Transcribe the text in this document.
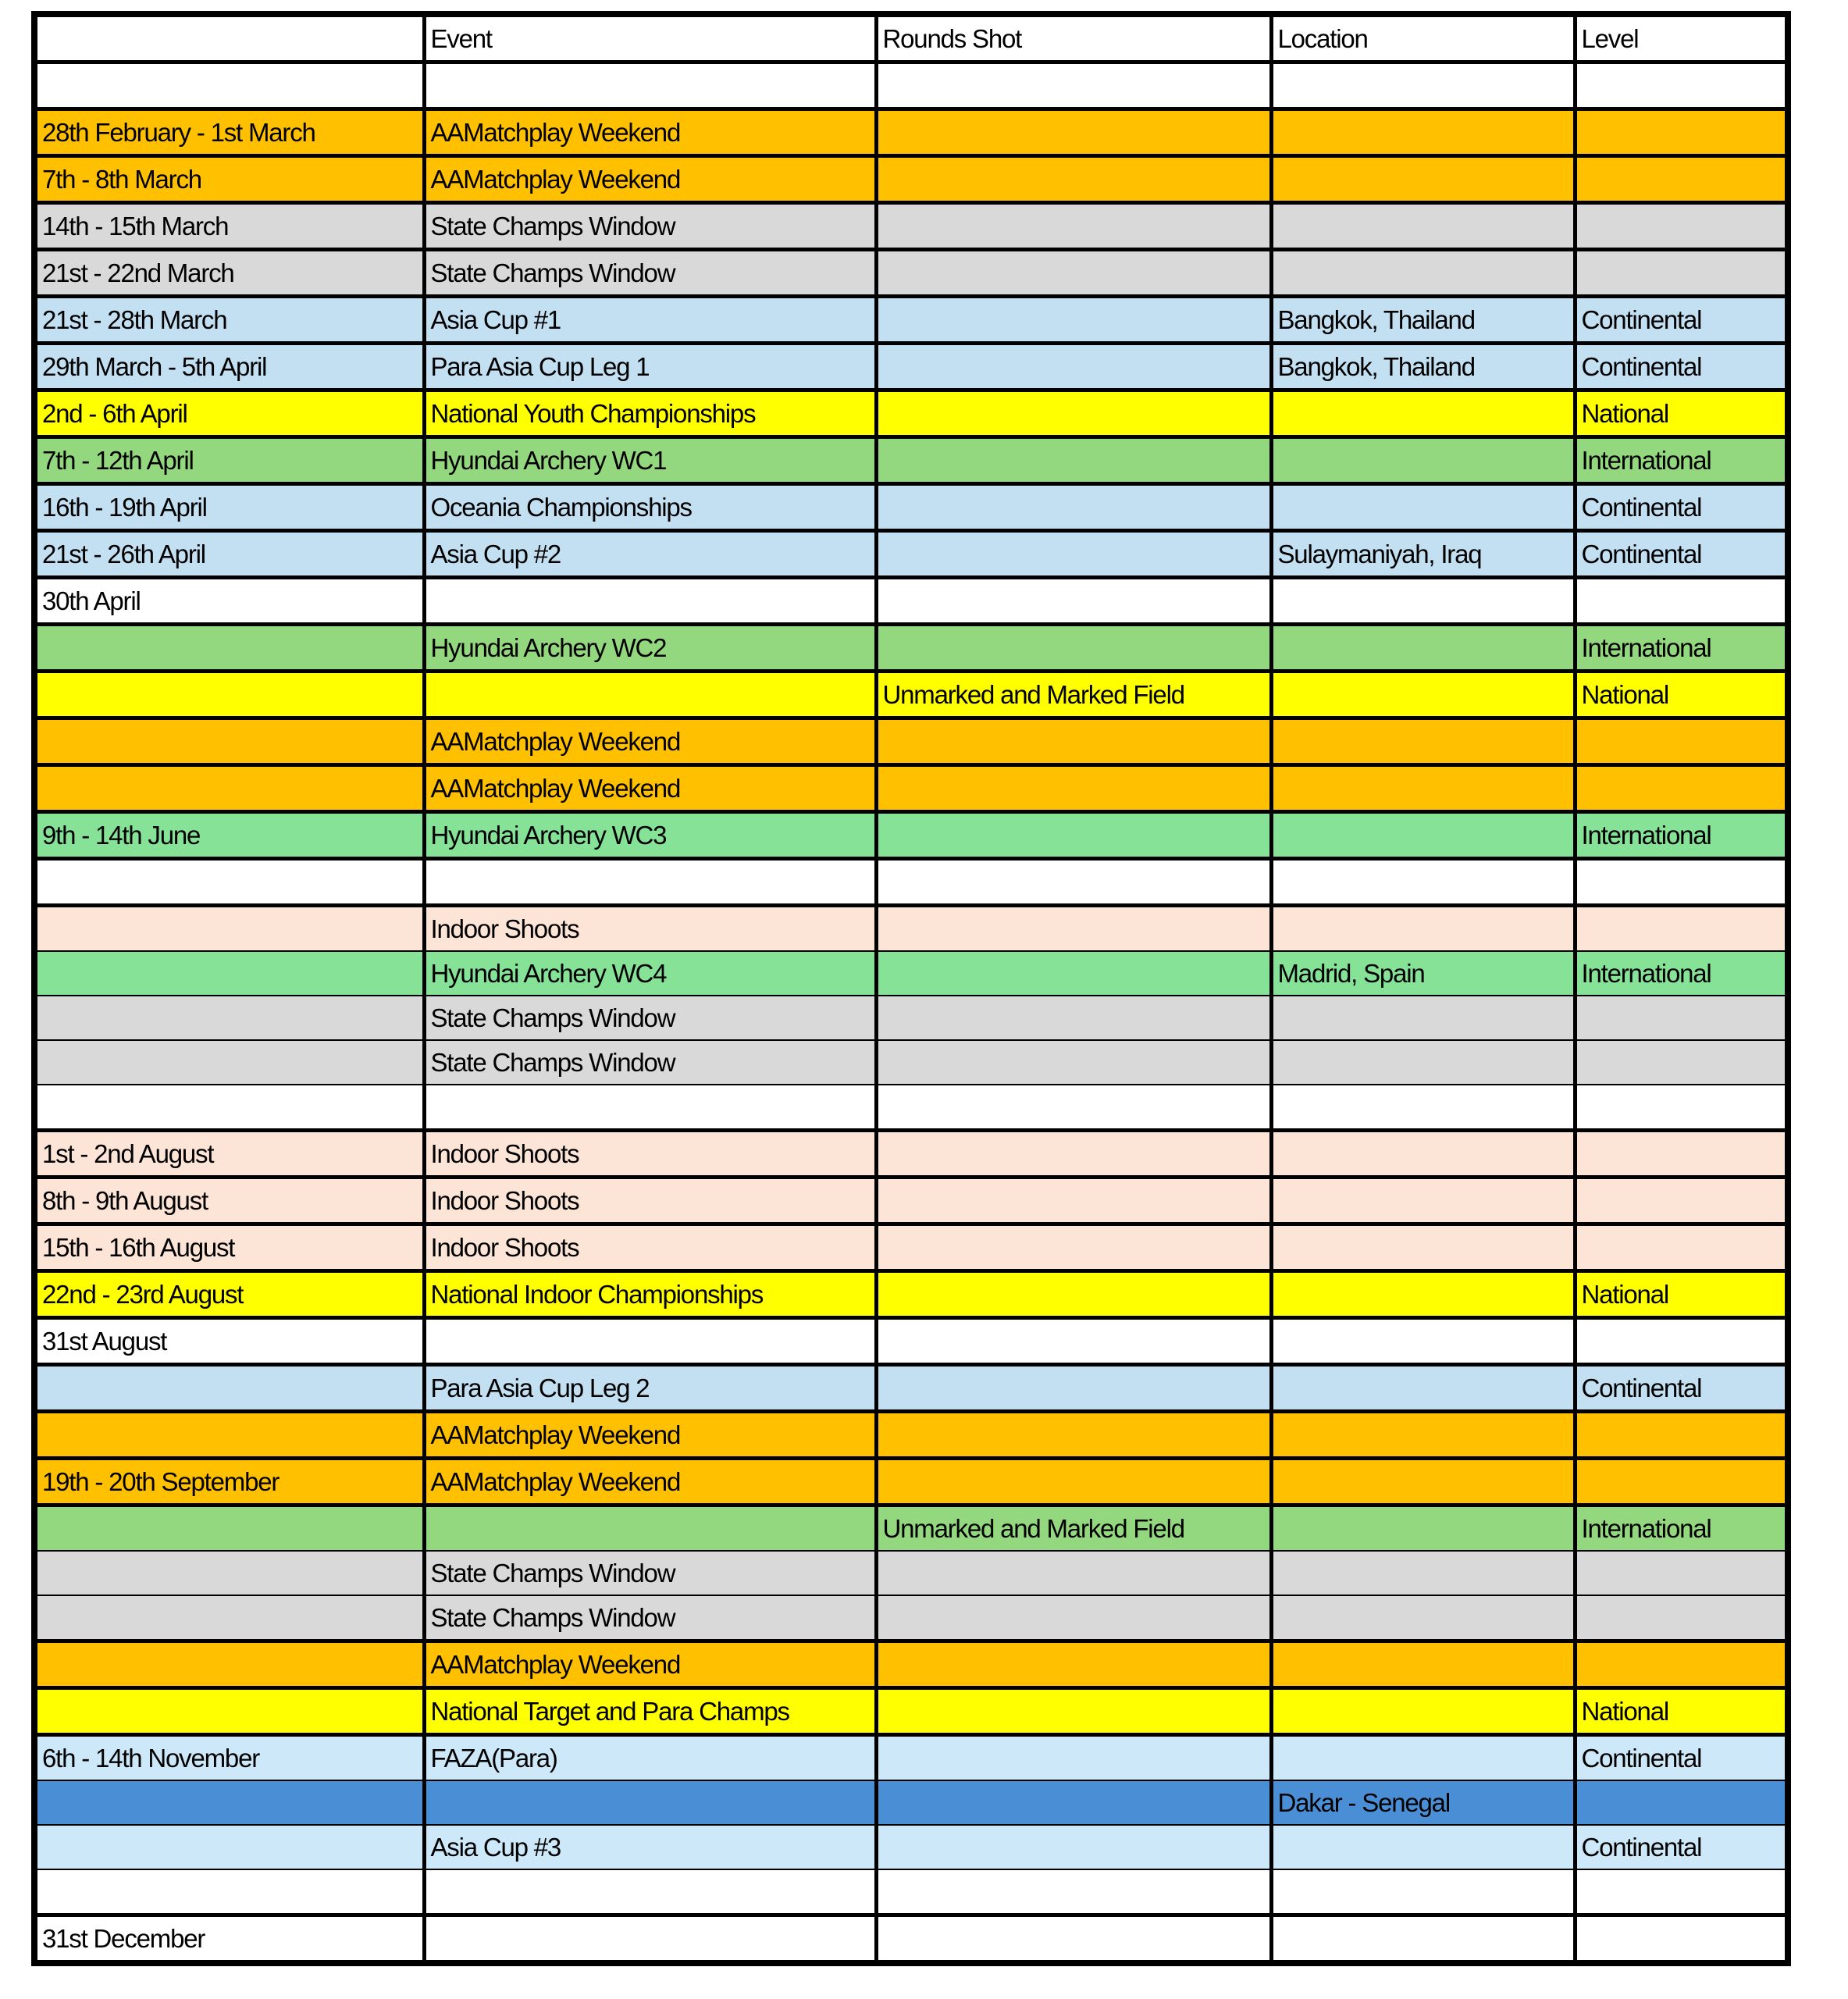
	Event	Rounds Shot	Location	Level

28th February - 1st March	AAMatchplay Weekend			
7th - 8th March	AAMatchplay Weekend			
14th - 15th March	State Champs Window			
21st - 22nd March	State Champs Window			
21st - 28th March	Asia Cup #1		Bangkok, Thailand	Continental
29th March - 5th April	Para Asia Cup Leg 1		Bangkok, Thailand	Continental
2nd - 6th April	National Youth Championships			National
7th - 12th April	Hyundai Archery WC1			International
16th - 19th April	Oceania Championships			Continental
21st - 26th April	Asia Cup #2		Sulaymaniyah, Iraq	Continental
30th April				
	Hyundai Archery WC2			International
		Unmarked and Marked Field		National
	AAMatchplay Weekend			
	AAMatchplay Weekend			
9th - 14th June	Hyundai Archery WC3			International

	Indoor Shoots			
	Hyundai Archery WC4		Madrid, Spain	International
	State Champs Window			
	State Champs Window			

1st - 2nd August	Indoor Shoots			
8th - 9th August	Indoor Shoots			
15th - 16th August	Indoor Shoots			
22nd - 23rd August	National Indoor Championships			National
31st August				
	Para Asia Cup Leg 2			Continental
	AAMatchplay Weekend			
19th - 20th September	AAMatchplay Weekend			
		Unmarked and Marked Field		International
	State Champs Window			
	State Champs Window			
	AAMatchplay Weekend			
	National Target and Para Champs			National
6th - 14th November	FAZA(Para)			Continental
			Dakar - Senegal	
	Asia Cup #3			Continental

31st December				
